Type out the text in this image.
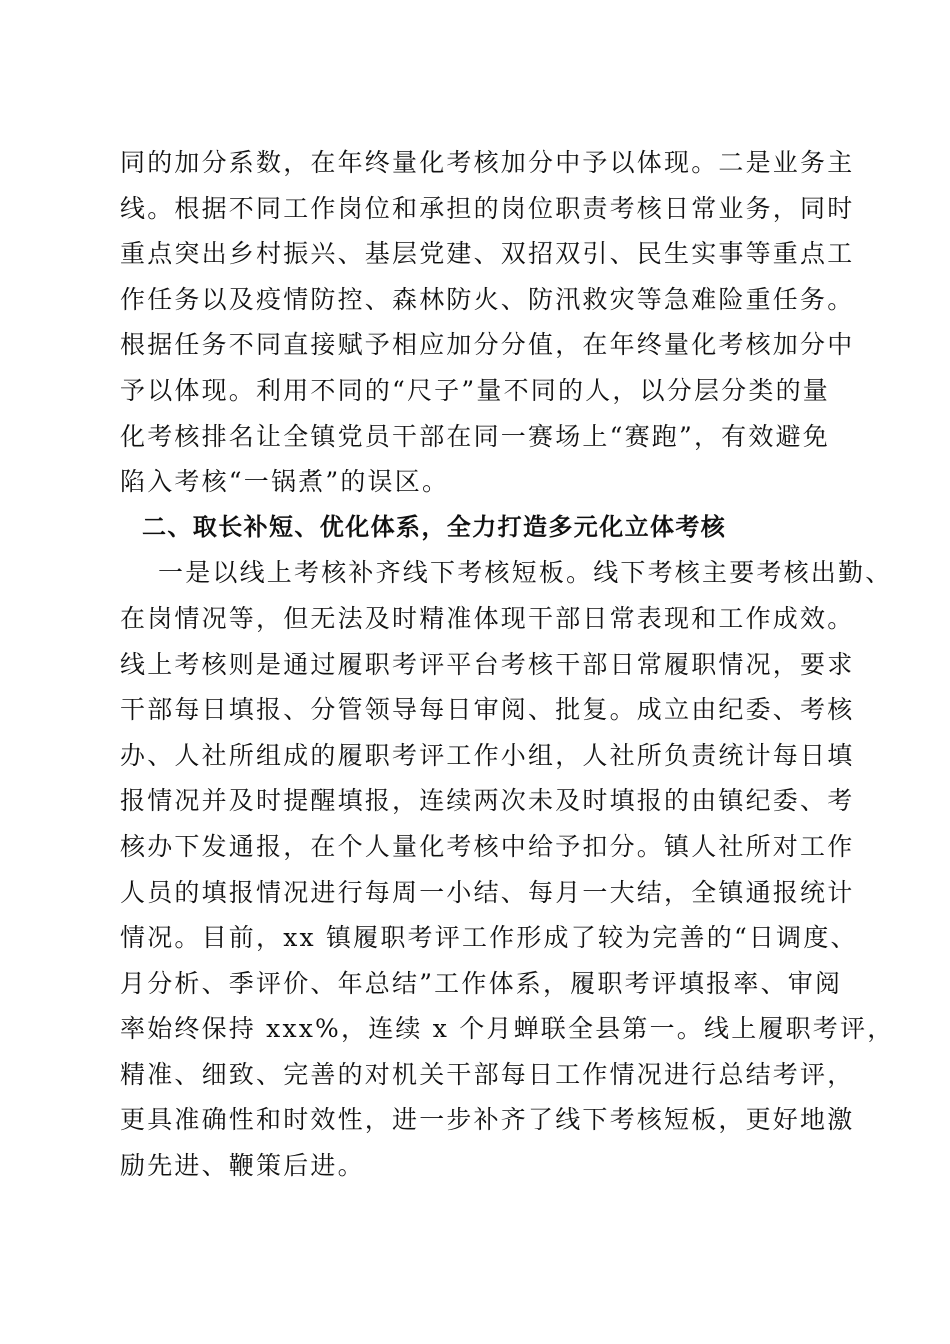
同的加分系数，在年终量化考核加分中予以体现。二是业务主
线。根据不同工作岗位和承担的岗位职责考核日常业务，同时
重点突出乡村振兴、基层党建、双招双引、民生实事等重点工
作任务以及疫情防控、森林防火、防汛救灾等急难险重任务。
根据任务不同直接赋予相应加分分值，在年终量化考核加分中
予以体现。利用不同的“尺子”量不同的人，以分层分类的量
化考核排名让全镇党员干部在同一赛场上“赛跑”，有效避免
陷入考核“一锅煮”的误区。
二、取长补短、优化体系，全力打造多元化立体考核
一是以线上考核补齐线下考核短板。线下考核主要考核出勤、
在岗情况等，但无法及时精准体现干部日常表现和工作成效。
线上考核则是通过履职考评平台考核干部日常履职情况，要求
干部每日填报、分管领导每日审阅、批复。成立由纪委、考核
办、人社所组成的履职考评工作小组，人社所负责统计每日填
报情况并及时提醒填报，连续两次未及时填报的由镇纪委、考
核办下发通报，在个人量化考核中给予扣分。镇人社所对工作
人员的填报情况进行每周一小结、每月一大结，全镇通报统计
情况。目前，xx 镇履职考评工作形成了较为完善的“日调度、
月分析、季评价、年总结”工作体系，履职考评填报率、审阅
率始终保持 xxx%，连续 x 个月蝉联全县第一。线上履职考评，
精准、细致、完善的对机关干部每日工作情况进行总结考评，
更具准确性和时效性，进一步补齐了线下考核短板，更好地激
励先进、鞭策后进。
